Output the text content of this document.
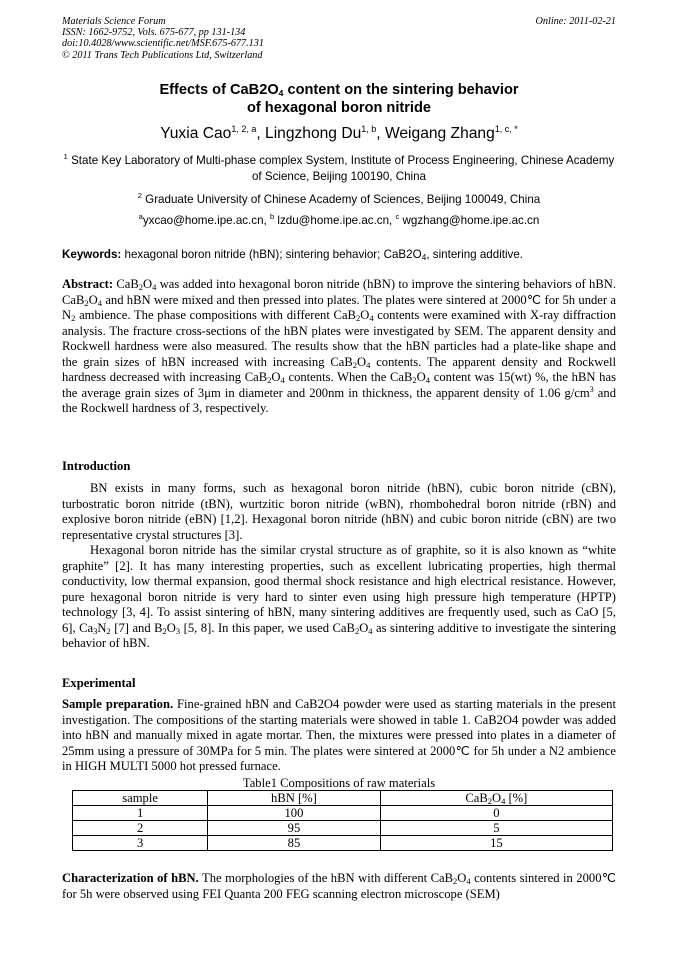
Materials Science Forum
ISSN: 1662-9752, Vols. 675-677, pp 131-134
doi:10.4028/www.scientific.net/MSF.675-677.131
© 2011 Trans Tech Publications Ltd, Switzerland
Online: 2011-02-21
Effects of $CaB2O_4$ content on the sintering behavior
of hexagonal boron nitride
Yuxia Cao$^{1, 2, a}$, Lingzhong Du$^{1, b}$, Weigang Zhang$^{1, c, *}$
$^1$ State Key Laboratory of Multi-phase complex System, Institute of Process Engineering, Chinese Academy of Science, Beijing 100190, China
$^2$ Graduate University of Chinese Academy of Sciences, Beijing 100049, China
$^a$yxcao@home.ipe.ac.cn, $^b$ lzdu@home.ipe.ac.cn, $^c$ wgzhang@home.ipe.ac.cn
Keywords: hexagonal boron nitride (hBN); sintering behavior; $CaB2O_4$, sintering additive.
Abstract: $CaB_2O_4$ was added into hexagonal boron nitride (hBN) to improve the sintering behaviors of hBN. $CaB_2O_4$ and hBN were mixed and then pressed into plates. The plates were sintered at 2000℃ for 5h under a $N_2$ ambience. The phase compositions with different $CaB_2O_4$ contents were examined with X-ray diffraction analysis. The fracture cross-sections of the hBN plates were investigated by SEM. The apparent density and Rockwell hardness were also measured. The results show that the hBN particles had a plate-like shape and the grain sizes of hBN increased with increasing $CaB_2O_4$ contents. The apparent density and Rockwell hardness decreased with increasing $CaB_2O_4$ contents. When the $CaB_2O_4$ content was 15(wt) %, the hBN has the average grain sizes of 3μm in diameter and 200nm in thickness, the apparent density of 1.06 $g/cm^3$ and the Rockwell hardness of 3, respectively.
Introduction
BN exists in many forms, such as hexagonal boron nitride (hBN), cubic boron nitride (cBN), turbostratic boron nitride (tBN), wurtzitic boron nitride (wBN), rhombohedral boron nitride (rBN) and explosive boron nitride (eBN) [1,2]. Hexagonal boron nitride (hBN) and cubic boron nitride (cBN) are two representative crystal structures [3].
Hexagonal boron nitride has the similar crystal structure as of graphite, so it is also known as “white graphite” [2]. It has many interesting properties, such as excellent lubricating properties, high thermal conductivity, low thermal expansion, good thermal shock resistance and high electrical resistance. However, pure hexagonal boron nitride is very hard to sinter even using high pressure high temperature (HPTP) technology [3, 4]. To assist sintering of hBN, many sintering additives are frequently used, such as CaO [5, 6], $Ca_3N_2$ [7] and $B_2O_3$ [5, 8]. In this paper, we used $CaB_2O_4$ as sintering additive to investigate the sintering behavior of hBN.
Experimental
Sample preparation. Fine-grained hBN and CaB2O4 powder were used as starting materials in the present investigation. The compositions of the starting materials were showed in table 1. CaB2O4 powder was added into hBN and manually mixed in agate mortar. Then, the mixtures were pressed into plates in a diameter of 25mm using a pressure of 30MPa for 5 min. The plates were sintered at 2000℃ for 5h under a N2 ambience in HIGH MULTI 5000 hot pressed furnace.
Table1 Compositions of raw materials
sample	hBN [%]	$CaB_2O_4$ [%]
1	100	0
2	95	5
3	85	15
Characterization of hBN. The morphologies of the hBN with different $CaB_2O_4$ contents sintered in 2000℃ for 5h were observed using FEI Quanta 200 FEG scanning electron microscope (SEM)
